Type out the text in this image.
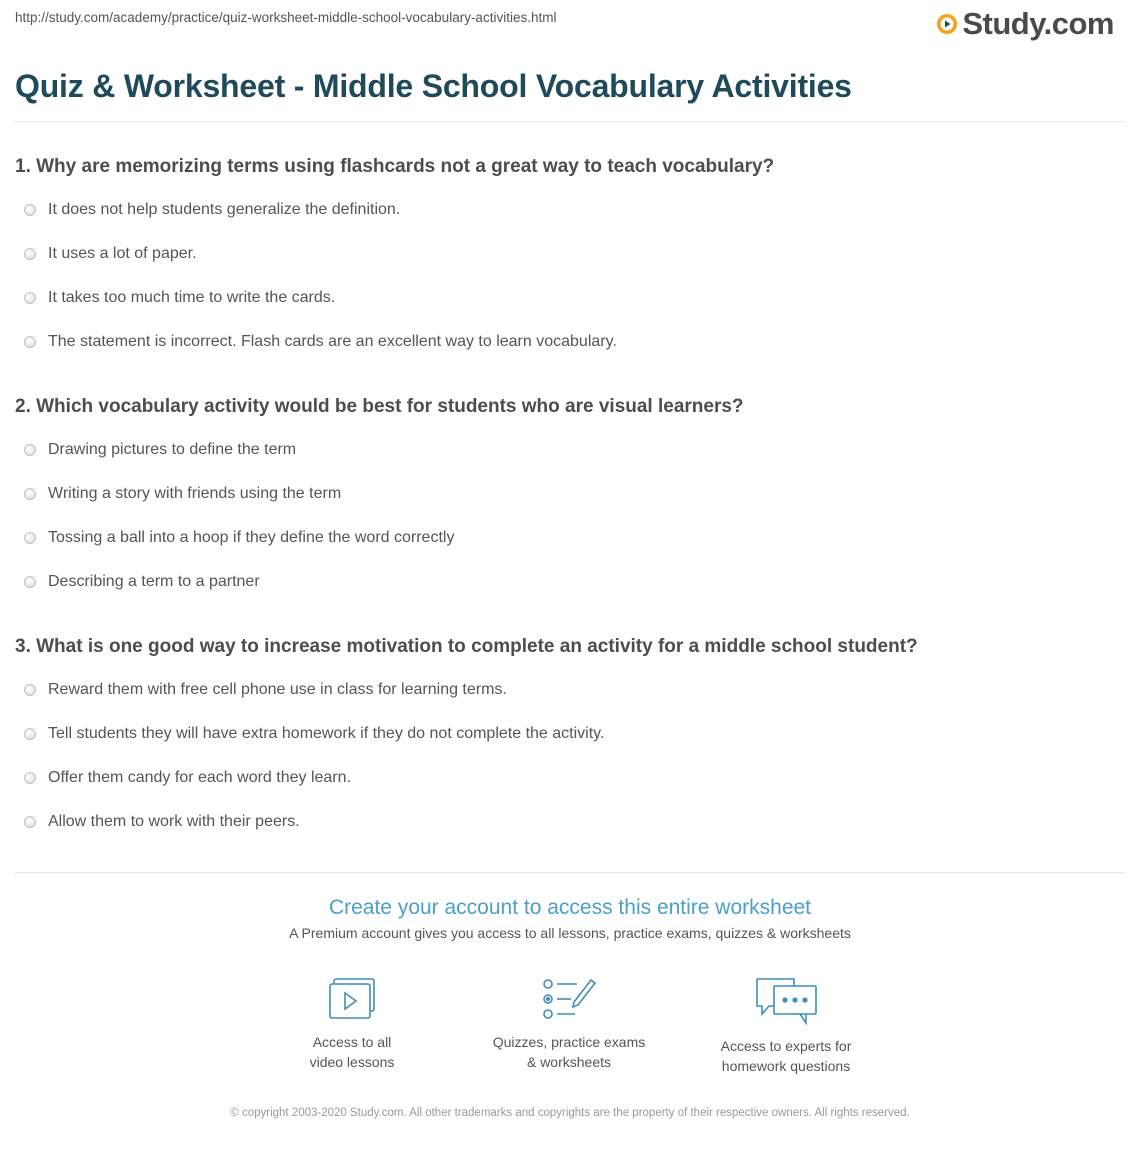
http://study.com/academy/practice/quiz-worksheet-middle-school-vocabulary-activities.html	Study.com
Quiz & Worksheet - Middle School Vocabulary Activities
1. Why are memorizing terms using flashcards not a great way to teach vocabulary?
It does not help students generalize the definition.
It uses a lot of paper.
It takes too much time to write the cards.
The statement is incorrect. Flash cards are an excellent way to learn vocabulary.
2. Which vocabulary activity would be best for students who are visual learners?
Drawing pictures to define the term
Writing a story with friends using the term
Tossing a ball into a hoop if they define the word correctly
Describing a term to a partner
3. What is one good way to increase motivation to complete an activity for a middle school student?
Reward them with free cell phone use in class for learning terms.
Tell students they will have extra homework if they do not complete the activity.
Offer them candy for each word they learn.
Allow them to work with their peers.
Create your account to access this entire worksheet
A Premium account gives you access to all lessons, practice exams, quizzes & worksheets
Access to all
video lessons
Quizzes, practice exams
& worksheets
Access to experts for
homework questions
© copyright 2003-2020 Study.com. All other trademarks and copyrights are the property of their respective owners. All rights reserved.
